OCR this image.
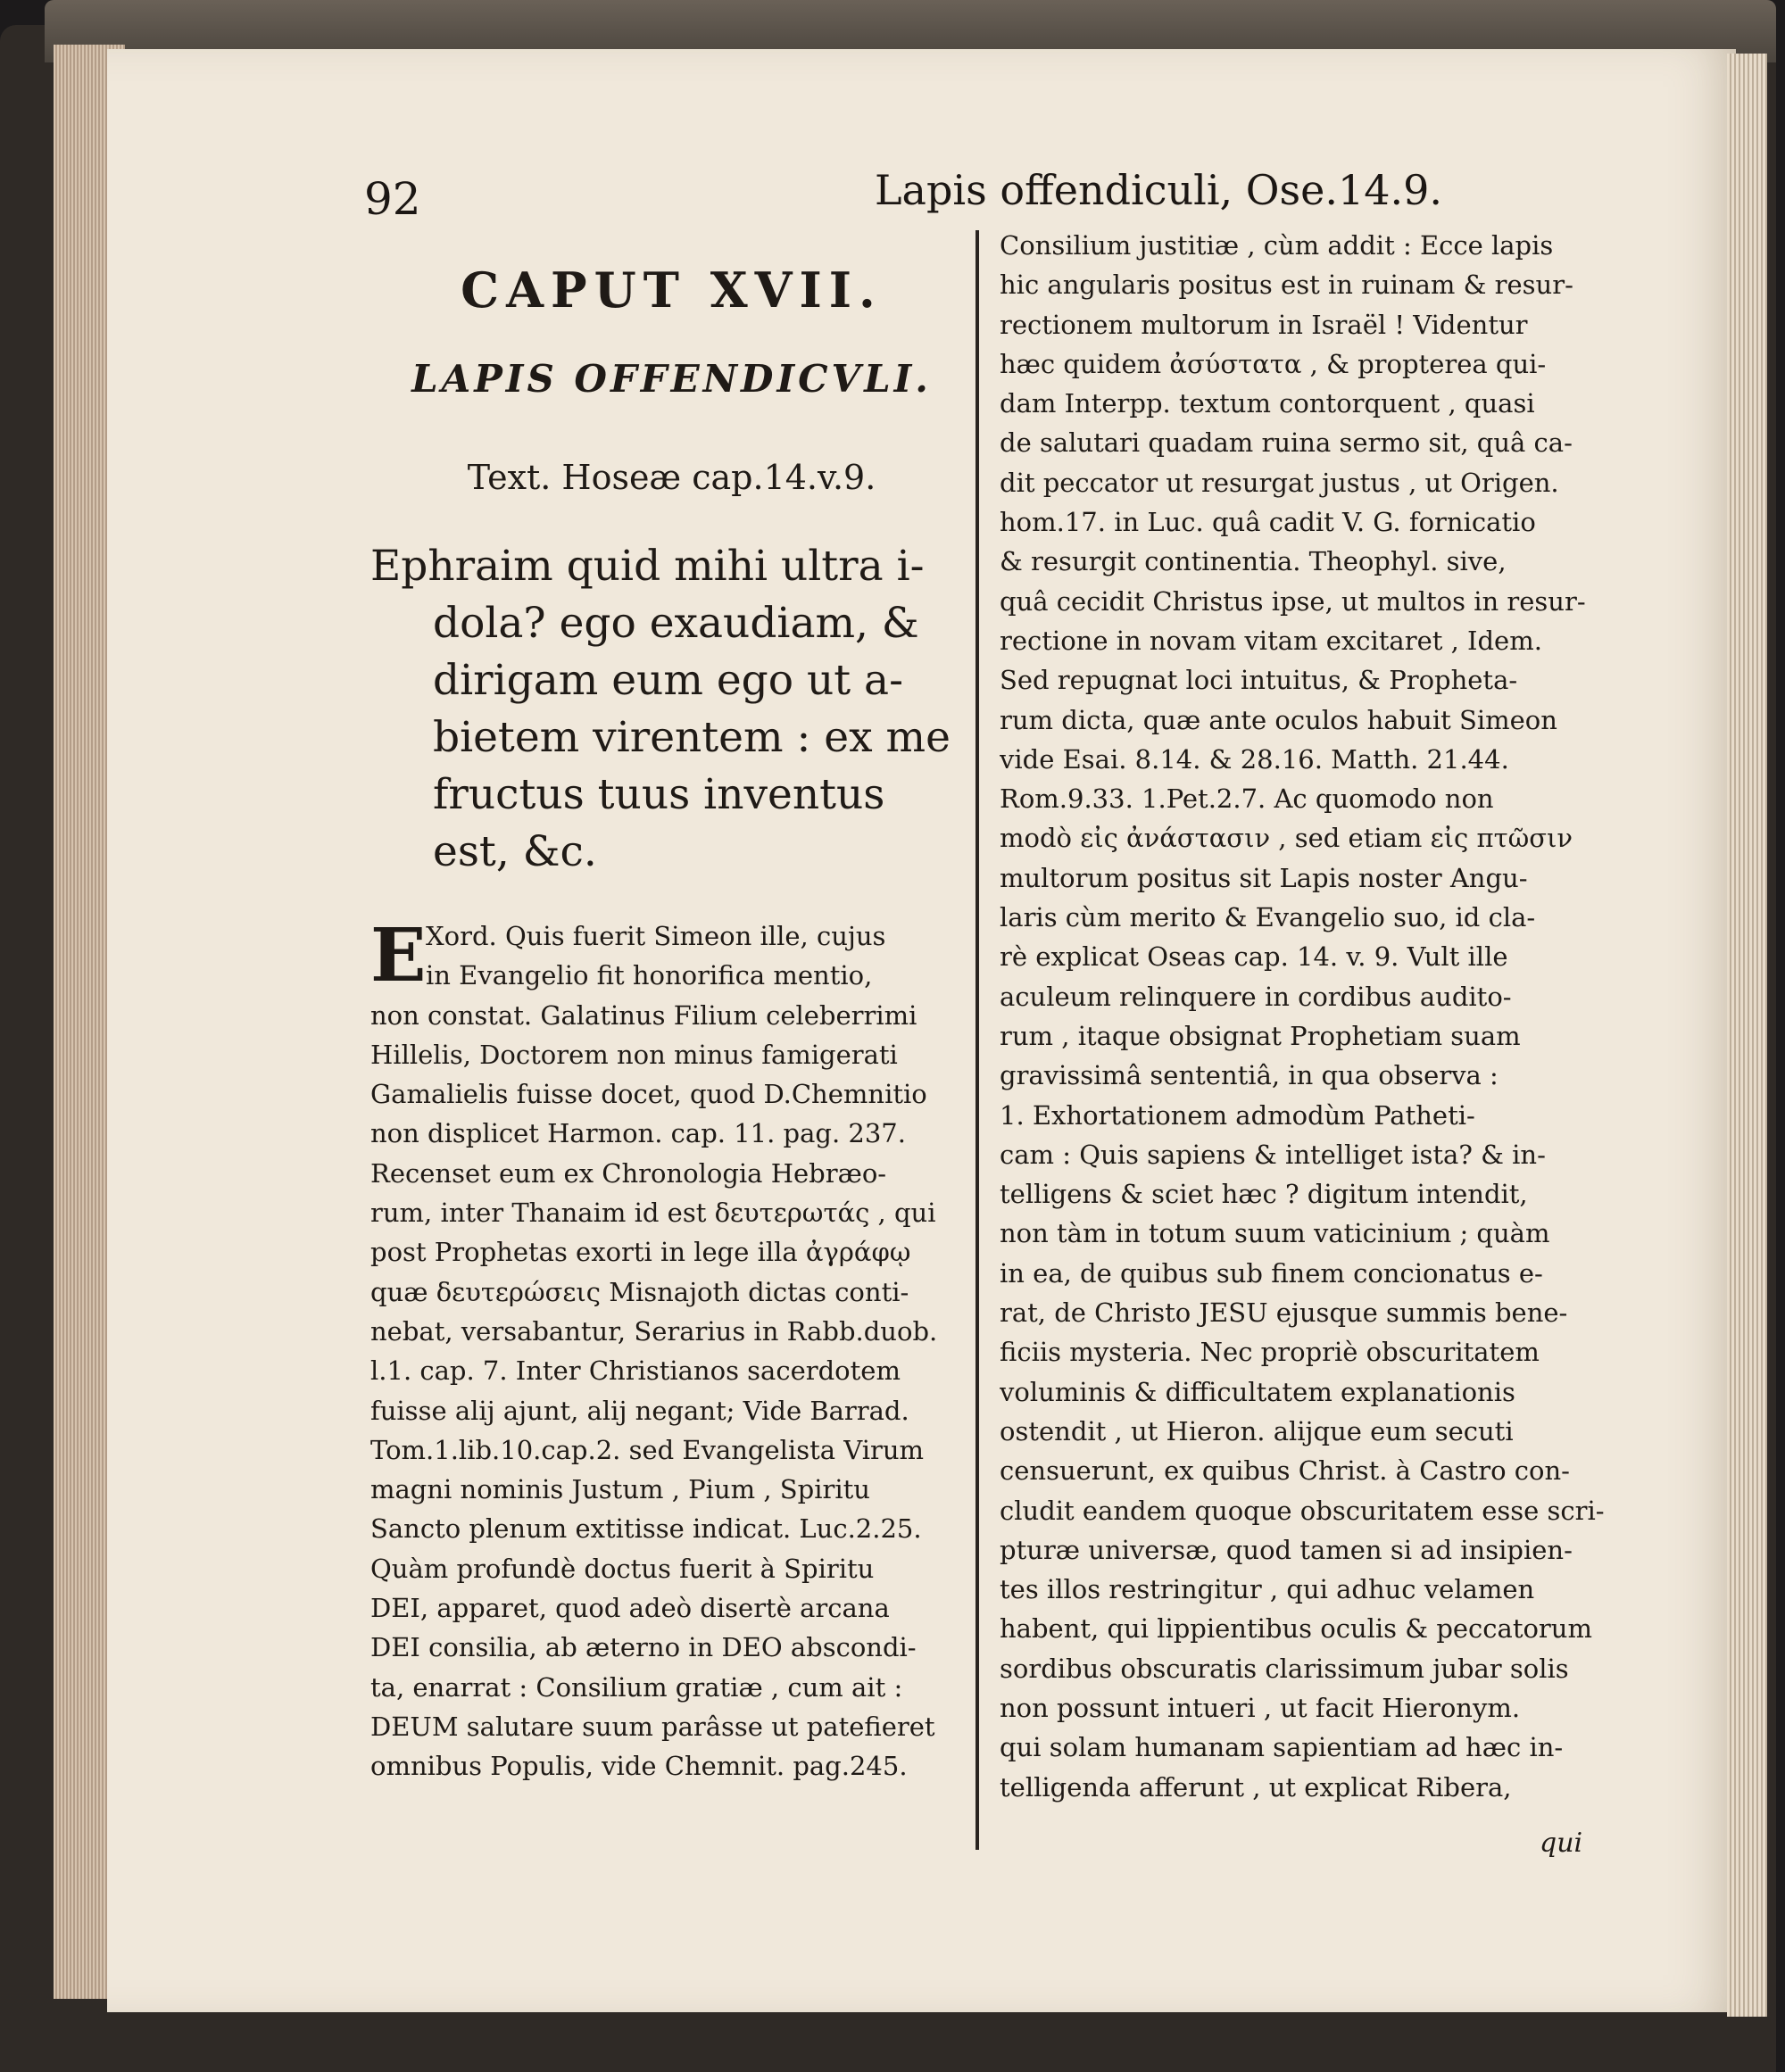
92	Lapis offendiculi, Ose.14.9.
CAPUT XVII.
LAPIS OFFENDICVLI.

Text. Hoseæ cap.14.v.9.

Ephraim quid mihi ultra i-
dola? ego exaudiam, &
dirigam eum ego ut a-
bietem virentem : ex me
fructus tuus inventus
est, &c.
E Xord. Quis fuerit Simeon ille, cujus
in Evangelio fit honorifica mentio,
non constat. Galatinus Filium celeberrimi
Hillelis, Doctorem non minus famigerati
Gamalielis fuisse docet, quod D.Chemnitio
non displicet Harmon. cap. 11. pag. 237.
Recenset eum ex Chronologia Hebræo-
rum, inter Thanaim id est δευτερωτάς , qui
post Prophetas exorti in lege illa ἀγράφῳ
quæ δευτερώσεις Misnajoth dictas conti-
nebat, versabantur, Serarius in Rabb.duob.
l.1. cap. 7. Inter Christianos sacerdotem
fuisse alij ajunt, alij negant; Vide Barrad.
Tom.1.lib.10.cap.2. sed Evangelista Virum
magni nominis Justum , Pium , Spiritu
Sancto plenum extitisse indicat. Luc.2.25.
Quàm profundè doctus fuerit à Spiritu
DEI, apparet, quod adeò disertè arcana
DEI consilia, ab æterno in DEO abscondi-
ta, enarrat : Consilium gratiæ , cum ait :
DEUM salutare suum parâsse ut patefieret
omnibus Populis, vide Chemnit. pag.245.
Consilium justitiæ , cùm addit : Ecce lapis
hic angularis positus est in ruinam & resur-
rectionem multorum in Israël ! Videntur
hæc quidem ἀσύστατα , & propterea qui-
dam Interpp. textum contorquent , quasi
de salutari quadam ruina sermo sit, quâ ca-
dit peccator ut resurgat justus , ut Origen.
hom.17. in Luc. quâ cadit V. G. fornicatio
& resurgit continentia. Theophyl. sive,
quâ cecidit Christus ipse, ut multos in resur-
rectione in novam vitam excitaret , Idem.
Sed repugnat loci intuitus, & Propheta-
rum dicta, quæ ante oculos habuit Simeon
vide Esai. 8.14. & 28.16. Matth. 21.44.
Rom.9.33. 1.Pet.2.7. Ac quomodo non
modò εἰς ἀνάστασιν , sed etiam εἰς πτῶσιν
multorum positus sit Lapis noster Angu-
laris cùm merito & Evangelio suo, id cla-
rè explicat Oseas cap. 14. v. 9. Vult ille
aculeum relinquere in cordibus audito-
rum , itaque obsignat Prophetiam suam
gravissimâ sententiâ, in qua observa :
1. Exhortationem admodùm Patheti-
cam : Quis sapiens & intelliget ista? & in-
telligens & sciet hæc ? digitum intendit,
non tàm in totum suum vaticinium ; quàm
in ea, de quibus sub finem concionatus e-
rat, de Christo JESU ejusque summis bene-
ficiis mysteria. Nec propriè obscuritatem
voluminis & difficultatem explanationis
ostendit , ut Hieron. alijque eum secuti
censuerunt, ex quibus Christ. à Castro con-
cludit eandem quoque obscuritatem esse scri-
pturæ universæ, quod tamen si ad insipien-
tes illos restringitur , qui adhuc velamen
habent, qui lippientibus oculis & peccatorum
sordibus obscuratis clarissimum jubar solis
non possunt intueri , ut facit Hieronym.
qui solam humanam sapientiam ad hæc in-
telligenda afferunt , ut explicat Ribera,
qui
